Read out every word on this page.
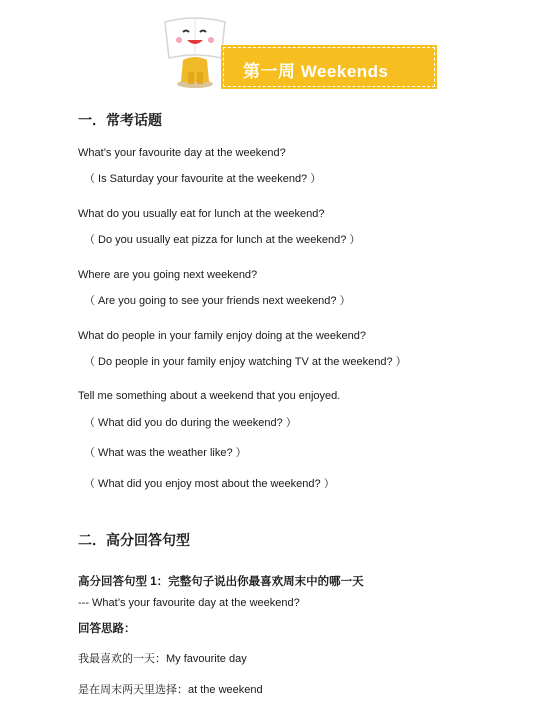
第一周 Weekends
一．常考话题
What’s your favourite day at the weekend?
（ Is Saturday your favourite at the weekend? ）
What do you usually eat for lunch at the weekend?
（ Do you usually eat pizza for lunch at the weekend? ）
Where are you going next weekend?
（ Are you going to see your friends next weekend? ）
What do people in your family enjoy doing at the weekend?
（ Do people in your family enjoy watching TV at the weekend? ）
Tell me something about a weekend that you enjoyed.
（ What did you do during the weekend? ）
（ What was the weather like? ）
（ What did you enjoy most about the weekend? ）
二．高分回答句型
高分回答句型 1：完整句子说出你最喜欢周末中的哪一天
--- What’s your favourite day at the weekend?
回答思路：
我最喜欢的一天：My favourite day
是在周末两天里选择：at the weekend
